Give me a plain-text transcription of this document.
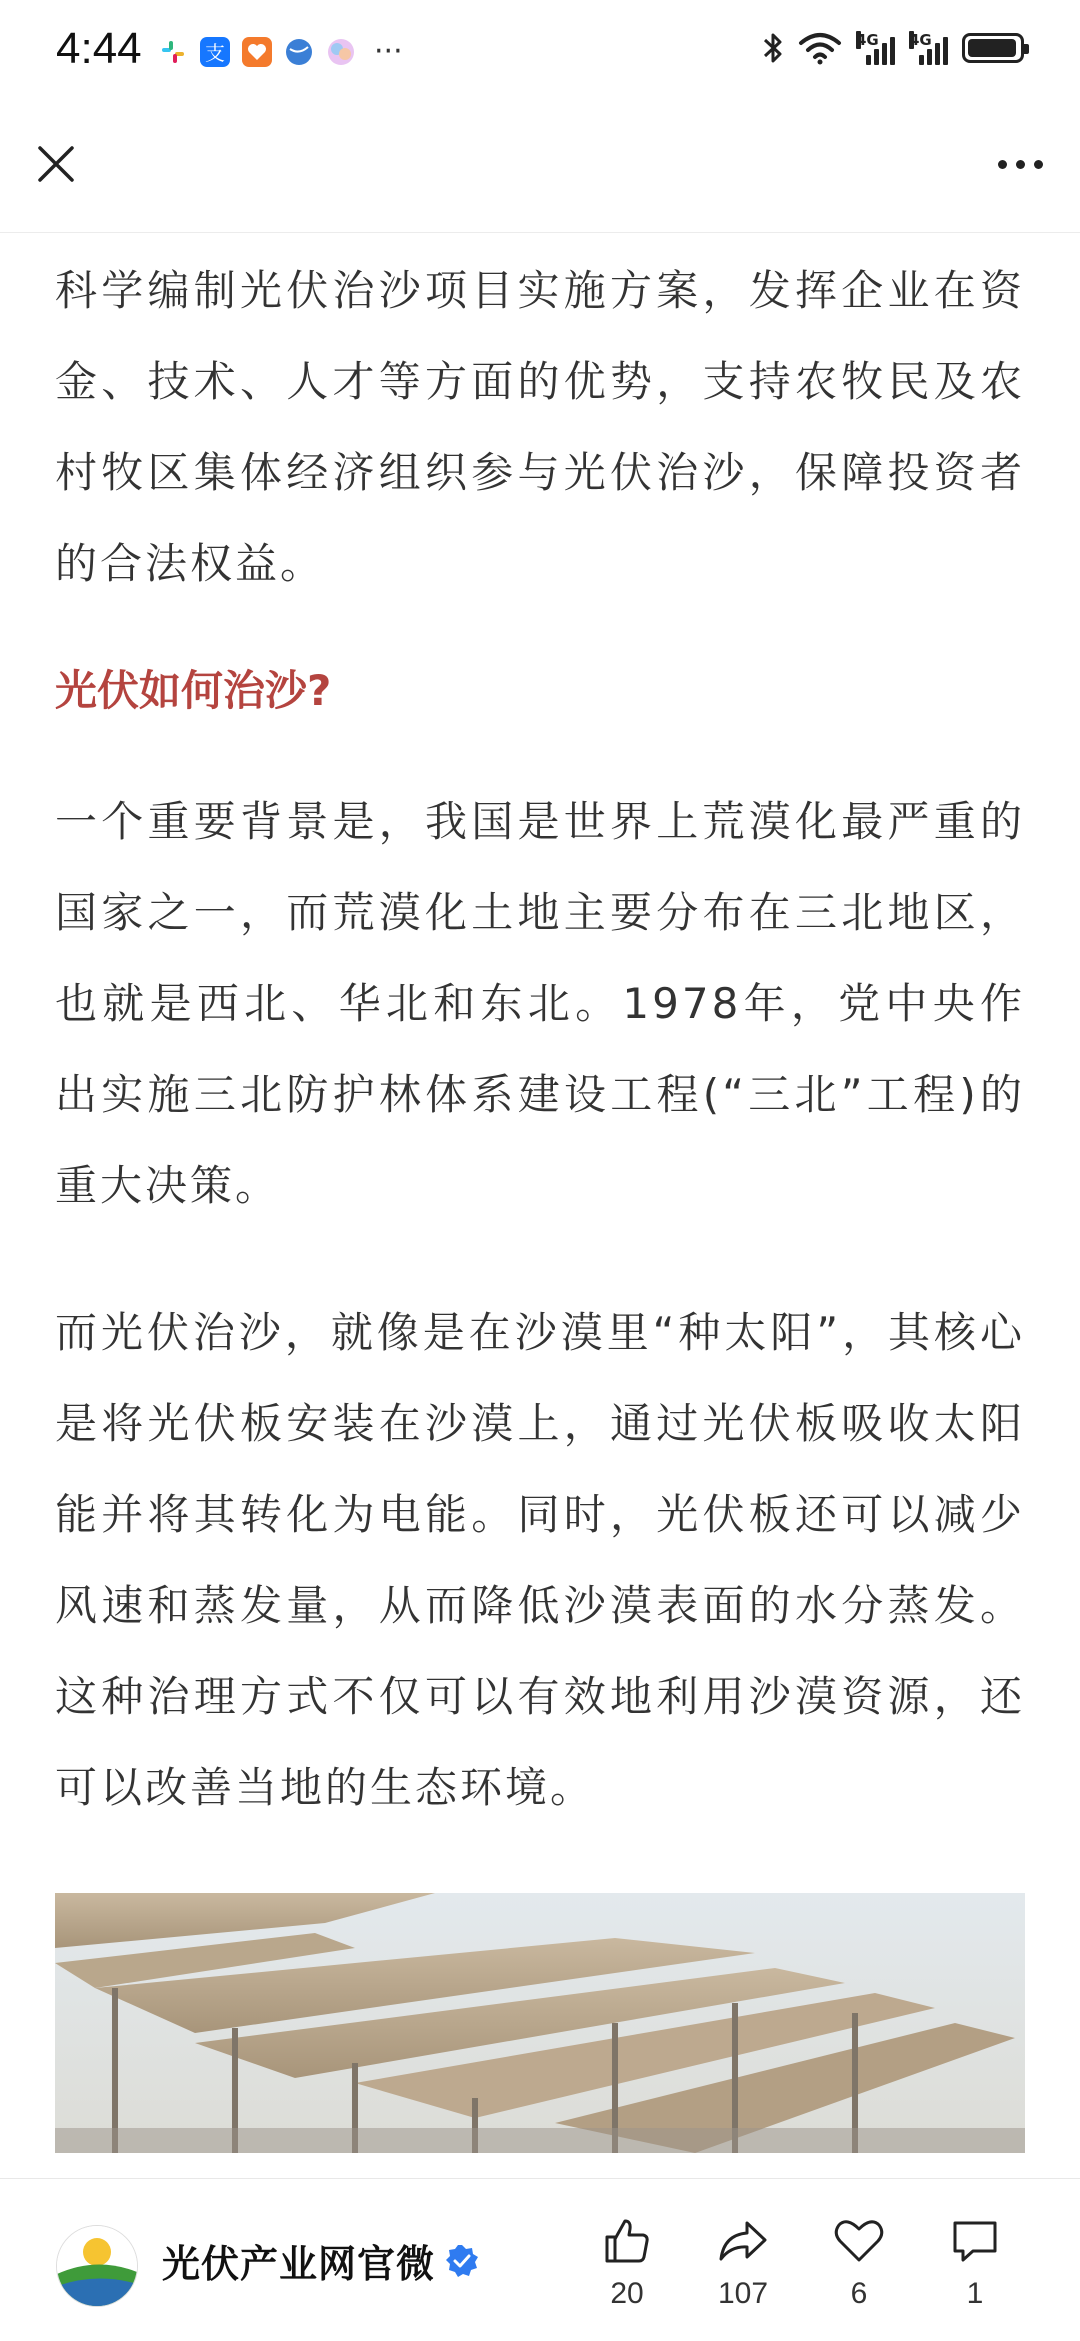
4:44	支	···	4G 4G

科学编制光伏治沙项目实施方案，发挥企业在资金、技术、人才等方面的优势，支持农牧民及农村牧区集体经济组织参与光伏治沙，保障投资者的合法权益。

光伏如何治沙?

一个重要背景是，我国是世界上荒漠化最严重的国家之一，而荒漠化土地主要分布在三北地区，也就是西北、华北和东北。1978年，党中央作出实施三北防护林体系建设工程(“三北”工程)的重大决策。

而光伏治沙，就像是在沙漠里“种太阳”，其核心是将光伏板安装在沙漠上，通过光伏板吸收太阳能并将其转化为电能。同时，光伏板还可以减少风速和蒸发量，从而降低沙漠表面的水分蒸发。这种治理方式不仅可以有效地利用沙漠资源，还可以改善当地的生态环境。

光伏产业网官微
20	107	6	1
